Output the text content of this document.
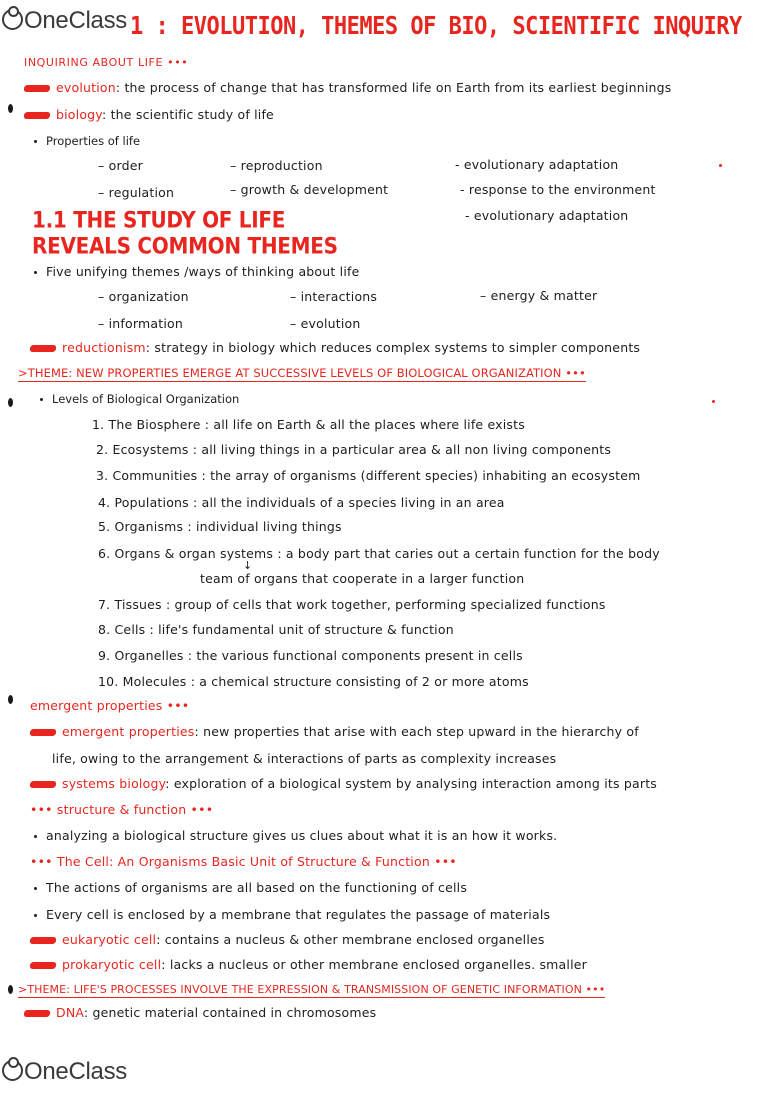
OneClass 1 : EVOLUTION, THEMES OF BIO, SCIENTIFIC INQUIRY
INQUIRING ABOUT LIFE •••
evolution: the process of change that has transformed life on Earth from its earliest beginnings
biology: the scientific study of life
Properties of life
– order
– regulation
– reproduction
– growth & development
- evolutionary adaptation
- response to the environment
- evolutionary adaptation
1.1 THE STUDY OF LIFE
REVEALS COMMON THEMES
Five unifying themes /ways of thinking about life
– organization
– information
– interactions
– evolution
– energy & matter
reductionism: strategy in biology which reduces complex systems to simpler components
>THEME: NEW PROPERTIES EMERGE AT SUCCESSIVE LEVELS OF BIOLOGICAL ORGANIZATION •••
Levels of Biological Organization
1. The Biosphere : all life on Earth & all the places where life exists
2. Ecosystems : all living things in a particular area & all non living components
3. Communities : the array of organisms (different species) inhabiting an ecosystem
4. Populations : all the individuals of a species living in an area
5. Organisms : individual living things
6. Organs & organ systems : a body part that caries out a certain function for the body
↓
team of organs that cooperate in a larger function
7. Tissues : group of cells that work together, performing specialized functions
8. Cells : life's fundamental unit of structure & function
9. Organelles : the various functional components present in cells
10. Molecules : a chemical structure consisting of 2 or more atoms
emergent properties •••
emergent properties: new properties that arise with each step upward in the hierarchy of
life, owing to the arrangement & interactions of parts as complexity increases
systems biology: exploration of a biological system by analysing interaction among its parts
••• structure & function •••
analyzing a biological structure gives us clues about what it is an how it works.
••• The Cell: An Organisms Basic Unit of Structure & Function •••
The actions of organisms are all based on the functioning of cells
Every cell is enclosed by a membrane that regulates the passage of materials
eukaryotic cell: contains a nucleus & other membrane enclosed organelles
prokaryotic cell: lacks a nucleus or other membrane enclosed organelles. smaller
>THEME: LIFE'S PROCESSES INVOLVE THE EXPRESSION & TRANSMISSION OF GENETIC INFORMATION •••
DNA: genetic material contained in chromosomes
OneClass
